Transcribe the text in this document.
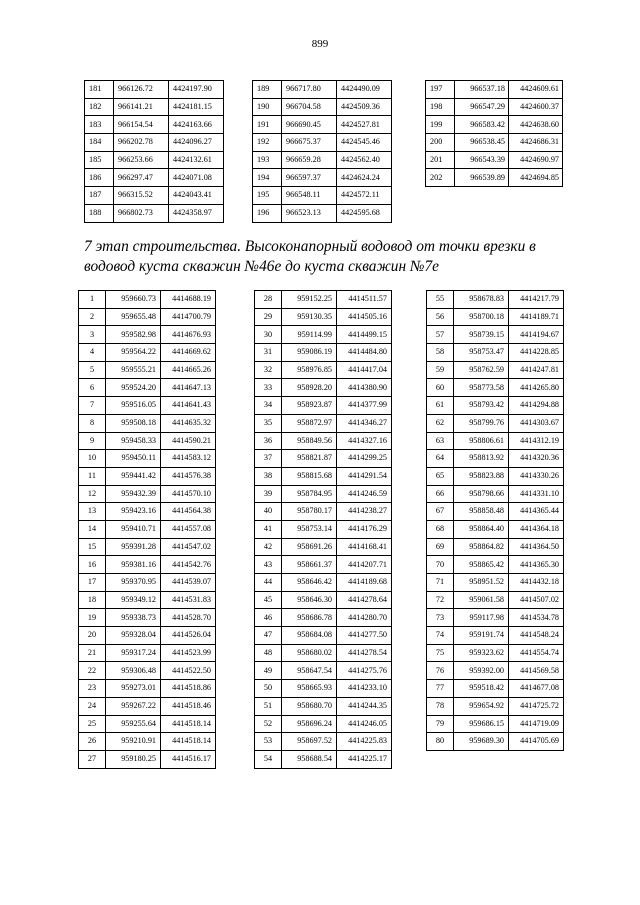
899
181	966126.72	4424197.90
182	966141.21	4424181.15
183	966154.54	4424163.66
184	966202.78	4424096.27
185	966253.66	4424132.61
186	966297.47	4424071.08
187	966315.52	4424043.41
188	966802.73	4424358.97
189	966717.80	4424490.09
190	966704.58	4424509.36
191	966690.45	4424527.81
192	966675.37	4424545.46
193	966659.28	4424562.40
194	966597.37	4424624.24
195	966548.11	4424572.11
196	966523.13	4424595.68
197	966537.18	4424609.61
198	966547.29	4424600.37
199	966583.42	4424638.60
200	966538.45	4424686.31
201	966543.39	4424690.97
202	966539.89	4424694.85
7 этап строительства. Высоконапорный водовод от точки врезки в водовод куста скважин №46е до куста скважин №7е
1	959660.73	4414688.19
2	959655.48	4414700.79
3	959582.98	4414676.93
4	959564.22	4414669.62
5	959555.21	4414665.26
6	959524.20	4414647.13
7	959516.05	4414641.43
8	959508.18	4414635.32
9	959458.33	4414590.21
10	959450.11	4414583.12
11	959441.42	4414576.38
12	959432.39	4414570.10
13	959423.16	4414564.38
14	959410.71	4414557.08
15	959391.28	4414547.02
16	959381.16	4414542.76
17	959370.95	4414539.07
18	959349.12	4414531.83
19	959338.73	4414528.70
20	959328.04	4414526.04
21	959317.24	4414523.99
22	959306.48	4414522.50
23	959273.01	4414518.86
24	959267.22	4414518.46
25	959255.64	4414518.14
26	959210.91	4414518.14
27	959180.25	4414516.17
28	959152.25	4414511.57
29	959130.35	4414505.16
30	959114.99	4414499.15
31	959086.19	4414484.80
32	958976.85	4414417.04
33	958928.20	4414380.90
34	958923.87	4414377.99
35	958872.97	4414346.27
36	958849.56	4414327.16
37	958821.87	4414299.25
38	958815.68	4414291.54
39	958784.95	4414246.59
40	958780.17	4414238.27
41	958753.14	4414176.29
42	958691.26	4414168.41
43	958661.37	4414207.71
44	958646.42	4414189.68
45	958646.30	4414278.64
46	958686.78	4414280.70
47	958684.08	4414277.50
48	958680.02	4414278.54
49	958647.54	4414275.76
50	958665.93	4414233.10
51	958680.70	4414244.35
52	958696.24	4414246.05
53	958697.52	4414225.83
54	958688.54	4414225.17
55	958678.83	4414217.79
56	958700.18	4414189.71
57	958739.15	4414194.67
58	958753.47	4414228.85
59	958762.59	4414247.81
60	958773.58	4414265.80
61	958793.42	4414294.88
62	958799.76	4414303.67
63	958806.61	4414312.19
64	958813.92	4414320.36
65	958823.88	4414330.26
66	958798.66	4414331.10
67	958858.48	4414365.44
68	958864.40	4414364.18
69	958864.82	4414364.50
70	958865.42	4414365.30
71	958951.52	4414432.18
72	959061.58	4414507.02
73	959117.98	4414534.78
74	959191.74	4414548.24
75	959323.62	4414554.74
76	959392.00	4414569.58
77	959518.42	4414677.08
78	959654.92	4414725.72
79	959686.15	4414719.09
80	959689.30	4414705.69
